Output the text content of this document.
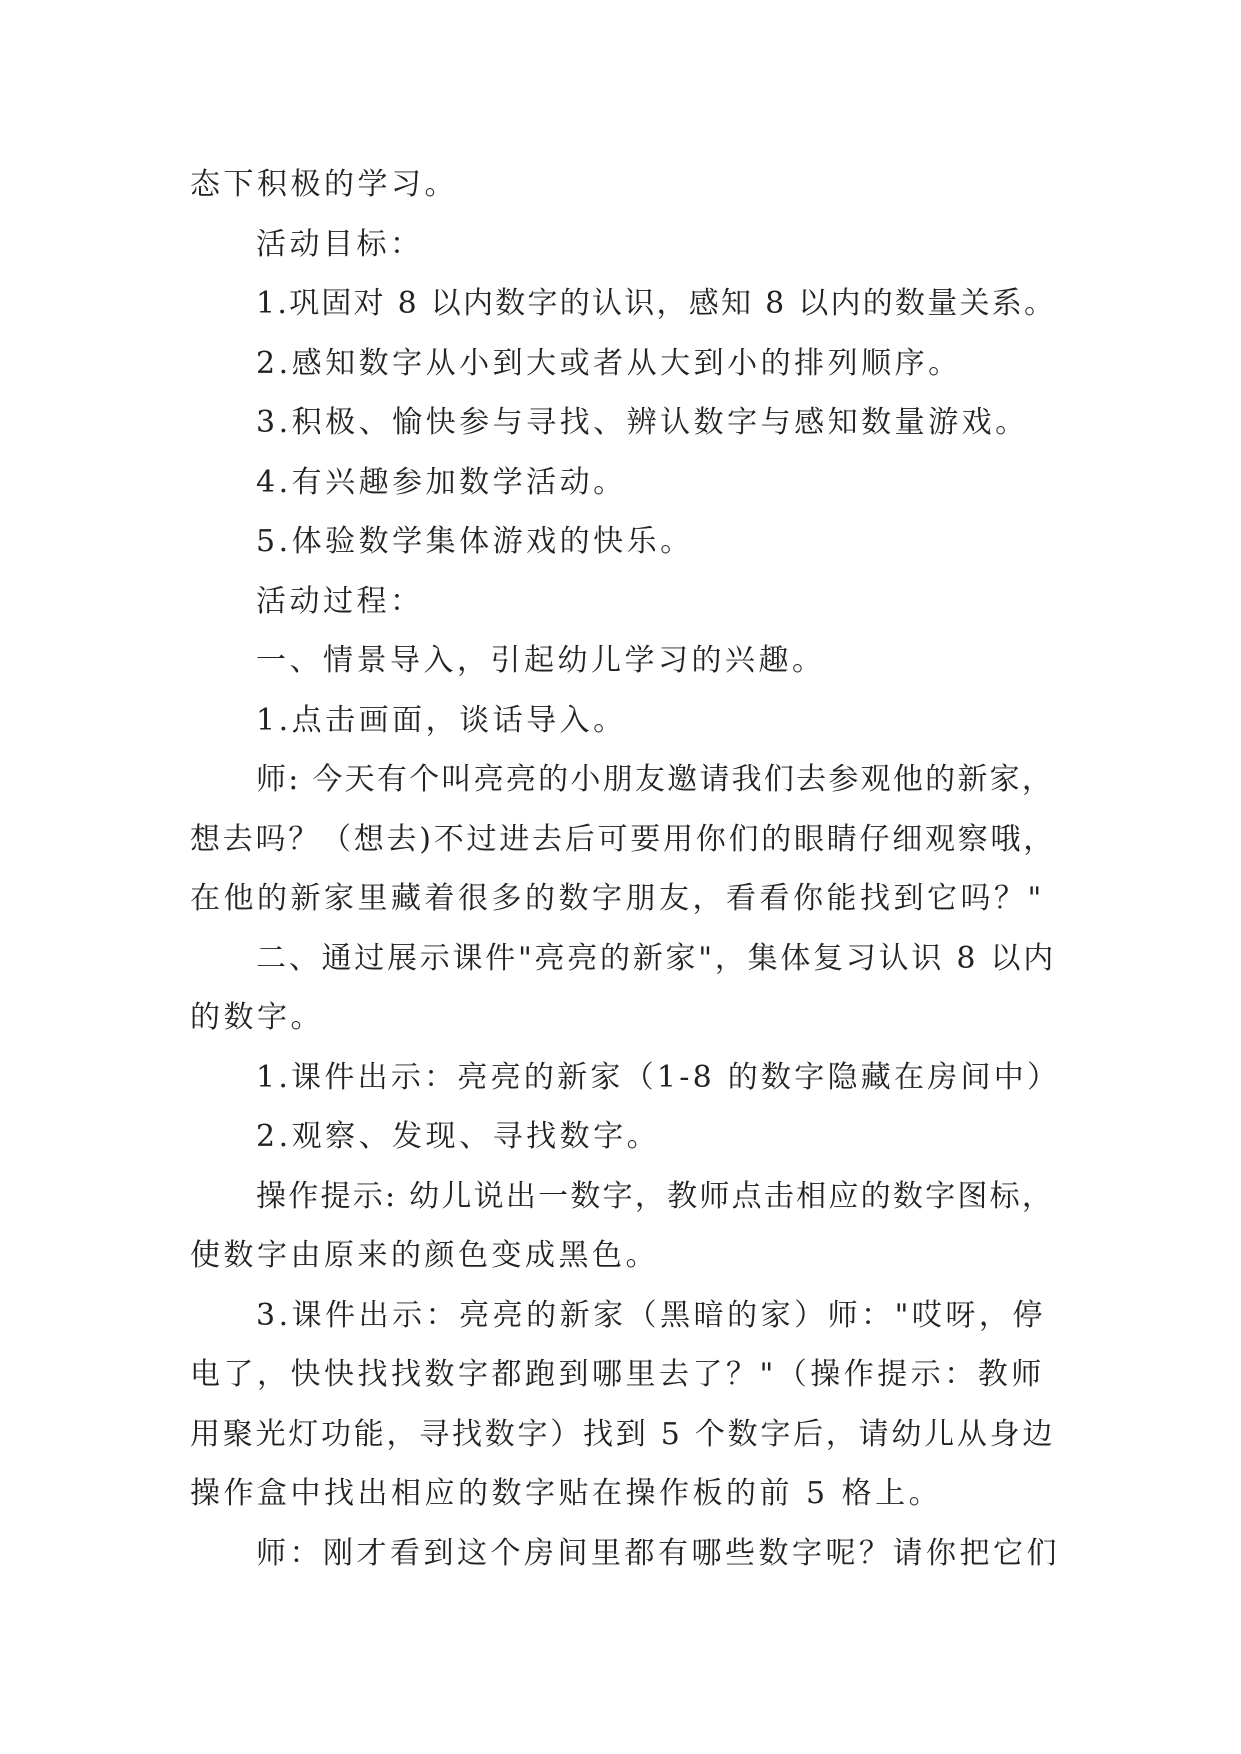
态下积极的学习。
活动目标：
1.巩固对 8 以内数字的认识，感知 8 以内的数量关系。
2.感知数字从小到大或者从大到小的排列顺序。
3.积极、愉快参与寻找、辨认数字与感知数量游戏。
4.有兴趣参加数学活动。
5.体验数学集体游戏的快乐。
活动过程：
一、情景导入，引起幼儿学习的兴趣。
1.点击画面，谈话导入。
师: 今天有个叫亮亮的小朋友邀请我们去参观他的新家，
想去吗？（想去)不过进去后可要用你们的眼睛仔细观察哦，
在他的新家里藏着很多的数字朋友，看看你能找到它吗？"
二、通过展示课件"亮亮的新家"，集体复习认识 8 以内
的数字。
1.课件出示：亮亮的新家（1-8 的数字隐藏在房间中）
2.观察、发现、寻找数字。
操作提示: 幼儿说出一数字，教师点击相应的数字图标，
使数字由原来的颜色变成黑色。
3.课件出示：亮亮的新家（黑暗的家）师："哎呀，停
电了，快快找找数字都跑到哪里去了？"（操作提示：教师
用聚光灯功能，寻找数字）找到 5 个数字后，请幼儿从身边
操作盒中找出相应的数字贴在操作板的前 5 格上。
师：刚才看到这个房间里都有哪些数字呢？请你把它们
